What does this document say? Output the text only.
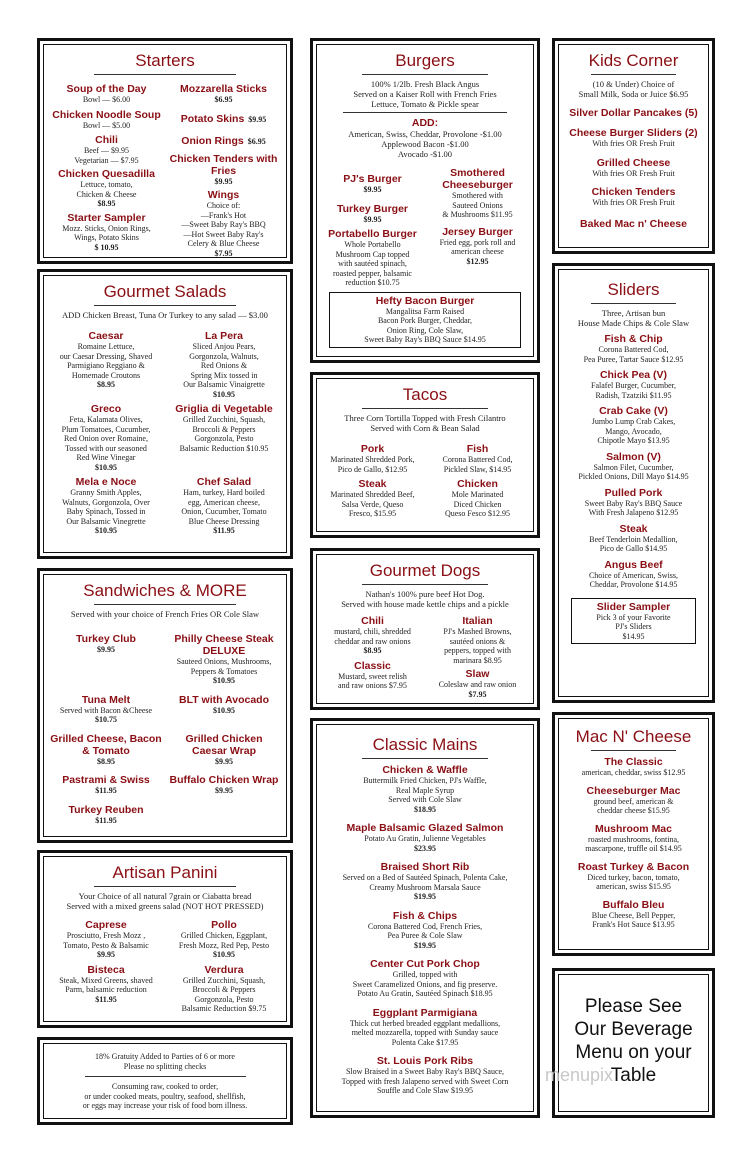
Starters
Soup of the Day
Bowl — $6.00
Chicken Noodle Soup
Bowl — $5.00
Chili
Beef — $9.95
Vegetarian — $7.95
Chicken Quesadilla
Lettuce, tomato,
Chicken & Cheese
$8.95
Starter Sampler
Mozz. Sticks, Onion Rings,
Wings, Potato Skins
$ 10.95
Mozzarella Sticks
$6.95
Potato Skins $9.95
Onion Rings $6.95
Chicken Tenders with Fries
$9.95
Wings
Choice of:
—Frank's Hot
—Sweet Baby Ray's BBQ
—Hot Sweet Baby Ray's
Celery & Blue Cheese
$7.95
Gourmet Salads
ADD Chicken Breast, Tuna Or Turkey to any salad — $3.00
Caesar
Romaine Lettuce,
our Caesar Dressing, Shaved
Parmigiano Reggiano &
Homemade Croutons
$8.95
La Pera
Sliced Anjou Pears,
Gorgonzola, Walnuts,
Red Onions &
Spring Mix tossed in
Our Balsamic Vinaigrette
$10.95
Greco
Feta, Kalamata Olives,
Plum Tomatoes, Cucumber,
Red Onion over Romaine,
Tossed with our seasoned
Red Wine Vinegar
$10.95
Griglia di Vegetable
Grilled Zucchini, Squash,
Broccoli & Peppers
Gorgonzola, Pesto
Balsamic Reduction $10.95
Mela e Noce
Granny Smith Apples,
Walnuts, Gorgonzola, Over
Baby Spinach, Tossed in
Our Balsamic Vinegrette
$10.95
Chef Salad
Ham, turkey, Hard boiled
egg, American cheese,
Onion, Cucumber, Tomato
Blue Cheese Dressing
$11.95
Sandwiches & MORE
Served with your choice of French Fries OR Cole Slaw
Turkey Club
$9.95
Philly Cheese Steak DELUXE
Sauteed Onions, Mushrooms,
Peppers & Tomatoes
$10.95
Tuna Melt
Served with Bacon &Cheese
$10.75
BLT with Avocado
$10.95
Grilled Cheese, Bacon & Tomato
$8.95
Grilled Chicken Caesar Wrap
$9.95
Pastrami & Swiss
$11.95
Buffalo Chicken Wrap
$9.95
Turkey Reuben
$11.95
Artisan Panini
Your Choice of all natural 7grain or Ciabatta bread
Served with a mixed greens salad (NOT HOT PRESSED)
Caprese
Prosciutto, Fresh Mozz ,
Tomato, Pesto & Balsamic
$9.95
Pollo
Grilled Chicken, Eggplant,
Fresh Mozz, Red Pep, Pesto
$10.95
Bisteca
Steak, Mixed Greens, shaved
Parm, balsamic reduction
$11.95
Verdura
Grilled Zucchini, Squash,
Broccoli & Peppers
Gorgonzola, Pesto
Balsamic Reduction $9.75
18% Gratuity Added to Parties of 6 or more
Please no splitting checks
Consuming raw, cooked to order,
or under cooked meats, poultry, seafood, shellfish,
or eggs may increase your risk of food born illness.
Burgers
100% 1/2lb. Fresh Black Angus
Served on a Kaiser Roll with French Fries
Lettuce, Tomato & Pickle spear
ADD:
American, Swiss, Cheddar, Provolone -$1.00
Applewood Bacon -$1.00
Avocado -$1.00
PJ's Burger
$9.95
Turkey Burger
$9.95
Portabello Burger
Whole Portabello
Mushroom Cap topped
with sautéed spinach,
roasted pepper, balsamic
reduction $10.75
Smothered Cheeseburger
Smothered with
Sauteed Onions
& Mushrooms $11.95
Jersey Burger
Fried egg, pork roll and
american cheese
$12.95
Hefty Bacon Burger
Mangalitsa Farm Raised
Bacon Pork Burger, Cheddar,
Onion Ring, Cole Slaw,
Sweet Baby Ray's BBQ Sauce $14.95
Tacos
Three Corn Tortilla Topped with Fresh Cilantro
Served with Corn & Bean Salad
Pork
Marinated Shredded Pork,
Pico de Gallo, $12.95
Fish
Corona Battered Cod,
Pickled Slaw, $14.95
Steak
Marinated Shredded Beef,
Salsa Verde, Queso
Fresco, $15.95
Chicken
Mole Marinated
Diced Chicken
Queso Fesco $12.95
Gourmet Dogs
Nathan's 100% pure beef Hot Dog.
Served with house made kettle chips and a pickle
Chili
mustard, chili, shredded
cheddar and raw onions
$8.95
Classic
Mustard, sweet relish
and raw onions $7.95
Italian
PJ's Mashed Browns,
sautéed onions &
peppers, topped with
marinara $8.95
Slaw
Coleslaw and raw onion
$7.95
Classic Mains
Chicken & Waffle
Buttermilk Fried Chicken, PJ's Waffle,
Real Maple Syrup
Served with Cole Slaw
$18.95
Maple Balsamic Glazed Salmon
Potato Au Gratin, Julienne Vegetables
$23.95
Braised Short Rib
Served on a Bed of Sautéed Spinach, Polenta Cake,
Creamy Mushroom Marsala Sauce
$19.95
Fish & Chips
Corona Battered Cod, French Fries,
Pea Puree & Cole Slaw
$19.95
Center Cut Pork Chop
Grilled, topped with
Sweet Caramelized Onions, and fig preserve.
Potato Au Gratin, Sautéed Spinach $18.95
Eggplant Parmigiana
Thick cut herbed breaded eggplant medallions,
melted mozzarella, topped with Sunday sauce
Polenta Cake $17.95
St. Louis Pork Ribs
Slow Braised in a Sweet Baby Ray's BBQ Sauce,
Topped with fresh Jalapeno served with Sweet Corn
Souffle and Cole Slaw $19.95
Kids Corner
(10 & Under) Choice of
Small Milk, Soda or Juice $6.95
Silver Dollar Pancakes (5)
Cheese Burger Sliders (2)
With fries OR Fresh Fruit
Grilled Cheese
With fries OR Fresh Fruit
Chicken Tenders
With fries OR Fresh Fruit
Baked Mac n' Cheese
Sliders
Three, Artisan bun
House Made Chips & Cole Slaw
Fish & Chip
Corona Battered Cod,
Pea Puree, Tartar Sauce $12.95
Chick Pea (V)
Falafel Burger, Cucumber,
Radish, Tzatziki $11.95
Crab Cake (V)
Jumbo Lump Crab Cakes,
Mango, Avocado,
Chipotle Mayo $13.95
Salmon (V)
Salmon Filet, Cucumber,
Pickled Onions, Dill Mayo $14.95
Pulled Pork
Sweet Baby Ray's BBQ Sauce
With Fresh Jalapeno $12.95
Steak
Beef Tenderloin Medallion,
Pico de Gallo $14.95
Angus Beef
Choice of American, Swiss,
Cheddar, Provolone $14.95
Slider Sampler
Pick 3 of your Favorite
PJ's Sliders
$14.95
Mac N' Cheese
The Classic
american, cheddar, swiss $12.95
Cheeseburger Mac
ground beef, american &
cheddar cheese $15.95
Mushroom Mac
roasted mushrooms, fontina,
mascarpone, truffle oil $14.95
Roast Turkey & Bacon
Diced turkey, bacon, tomato,
american, swiss $15.95
Buffalo Bleu
Blue Cheese, Bell Pepper,
Frank's Hot Sauce $13.95
Please See
Our Beverage
Menu on your
Table
menupix
